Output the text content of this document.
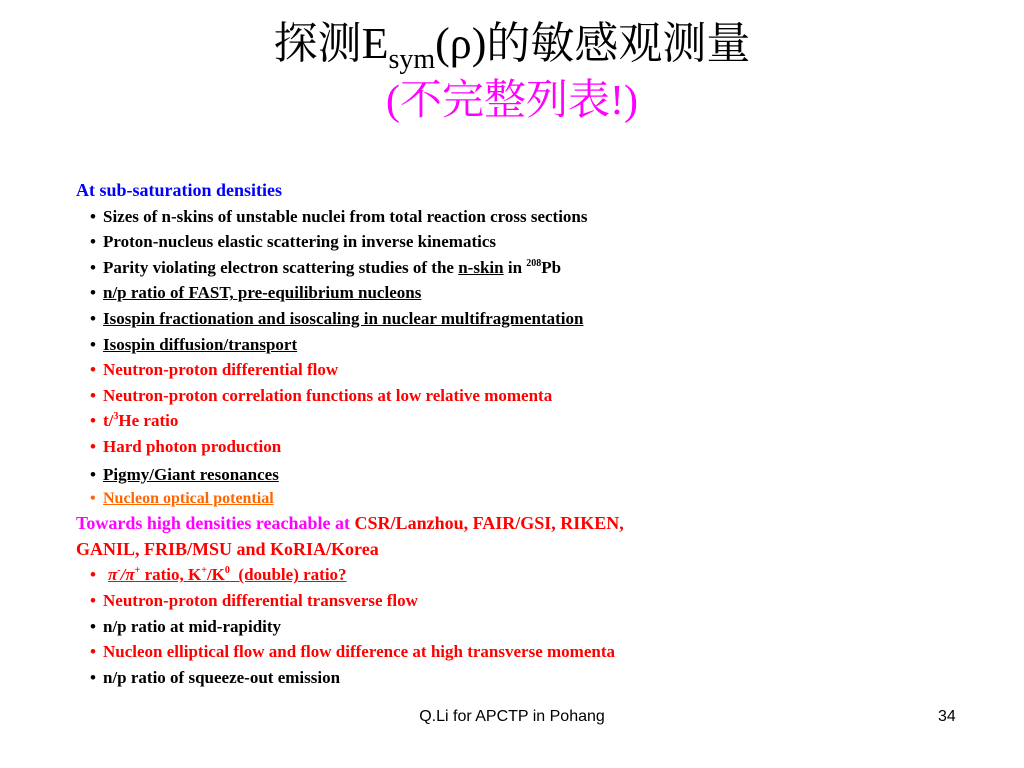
探测$E_{sym}(\rho)$的敏感观测量
(不完整列表!)
At sub-saturation densities
• Sizes of n-skins of unstable nuclei from total reaction cross sections
• Proton-nucleus elastic scattering in inverse kinematics
• Parity violating electron scattering studies of the n-skin in $^{208}$Pb
• n/p ratio of FAST, pre-equilibrium nucleons
• Isospin fractionation and isoscaling in nuclear multifragmentation
• Isospin diffusion/transport
• Neutron-proton differential flow
• Neutron-proton correlation functions at low relative momenta
• t/$^3$He ratio
• Hard photon production
• Pigmy/Giant resonances
• Nucleon optical potential
Towards high densities reachable at CSR/Lanzhou, FAIR/GSI, RIKEN,
GANIL, FRIB/MSU and KoRIA/Korea
• π-/π+ ratio, $K^+/K^0$  (double) ratio?
• Neutron-proton differential transverse flow
• n/p ratio at mid-rapidity
• Nucleon elliptical flow and flow difference at high transverse momenta
• n/p ratio of squeeze-out emission
Q.Li for APCTP in Pohang	34
